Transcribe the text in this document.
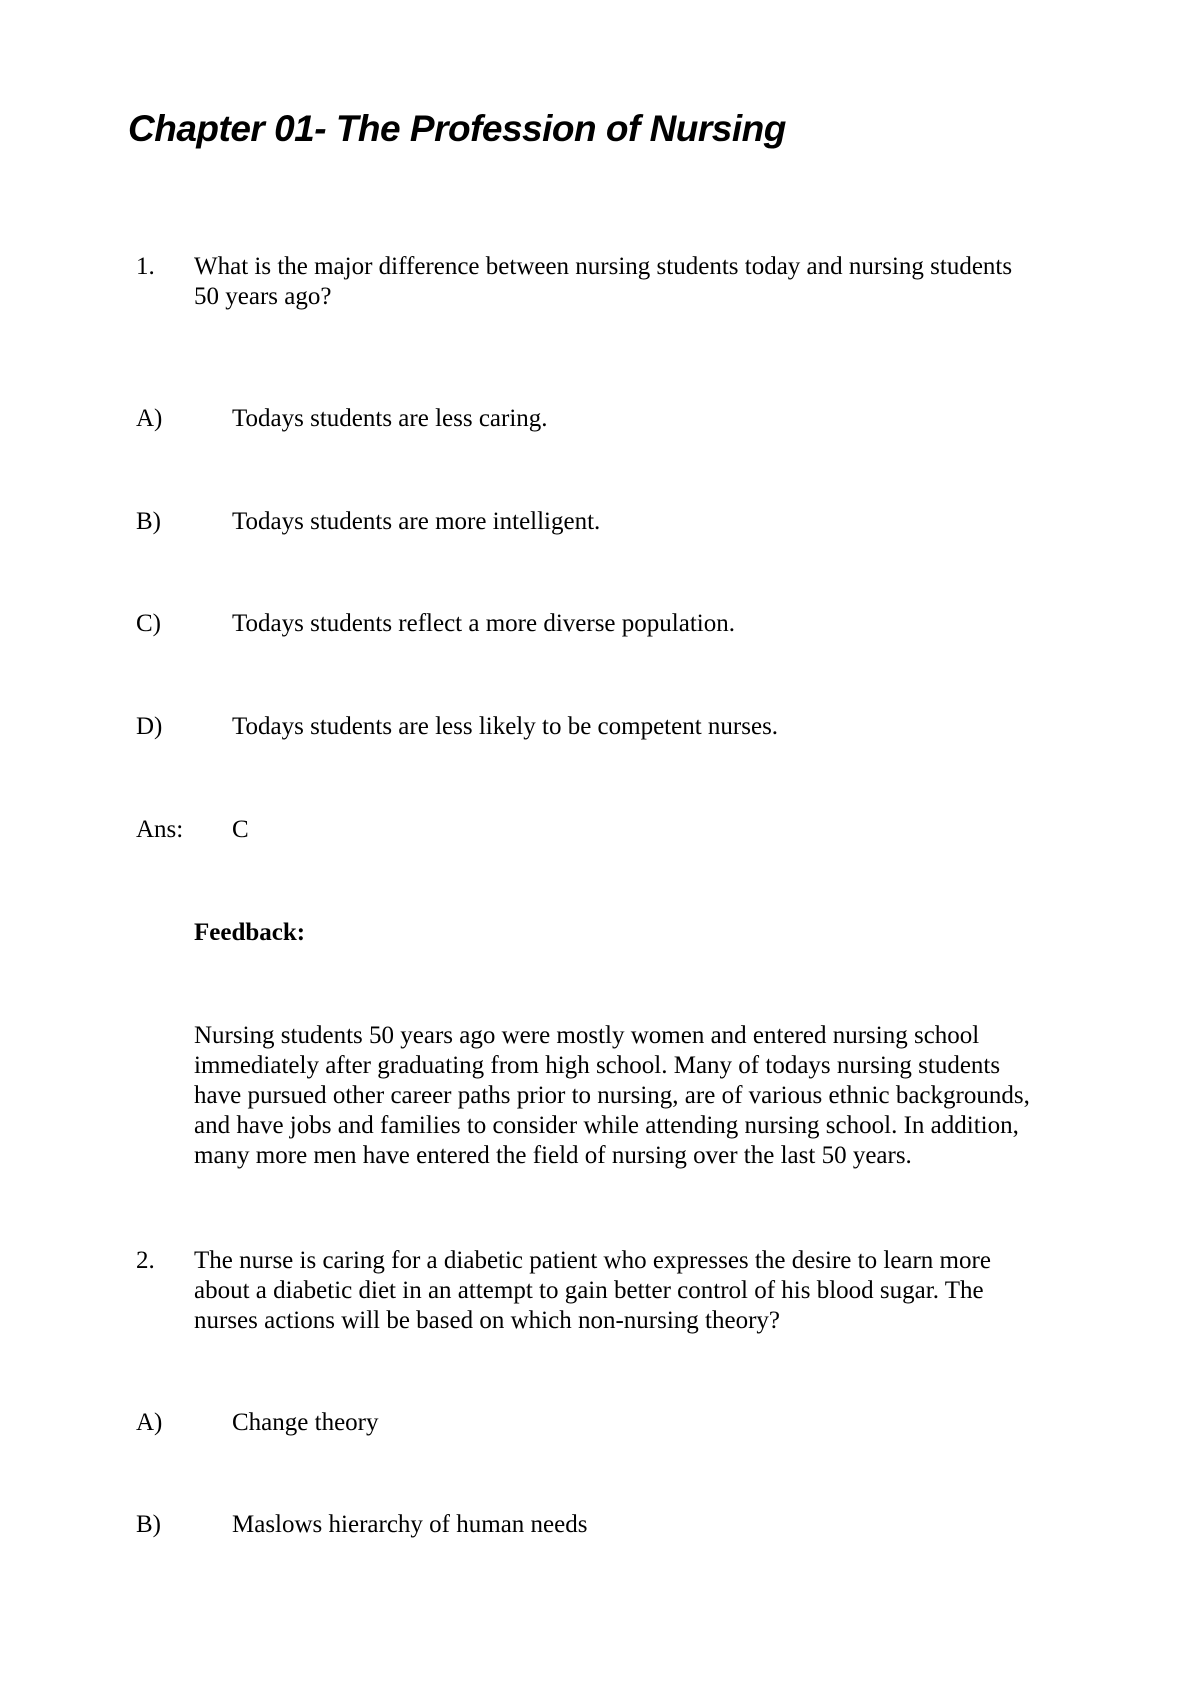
Chapter 01- The Profession of Nursing

1. What is the major difference between nursing students today and nursing students
50 years ago?

A)	Todays students are less caring.

B)	Todays students are more intelligent.

C)	Todays students reflect a more diverse population.

D)	Todays students are less likely to be competent nurses.

Ans: C

Feedback:

Nursing students 50 years ago were mostly women and entered nursing school
immediately after graduating from high school. Many of todays nursing students
have pursued other career paths prior to nursing, are of various ethnic backgrounds,
and have jobs and families to consider while attending nursing school. In addition,
many more men have entered the field of nursing over the last 50 years.

2. The nurse is caring for a diabetic patient who expresses the desire to learn more
about a diabetic diet in an attempt to gain better control of his blood sugar. The
nurses actions will be based on which non-nursing theory?

A)	Change theory

B)	Maslows hierarchy of human needs
